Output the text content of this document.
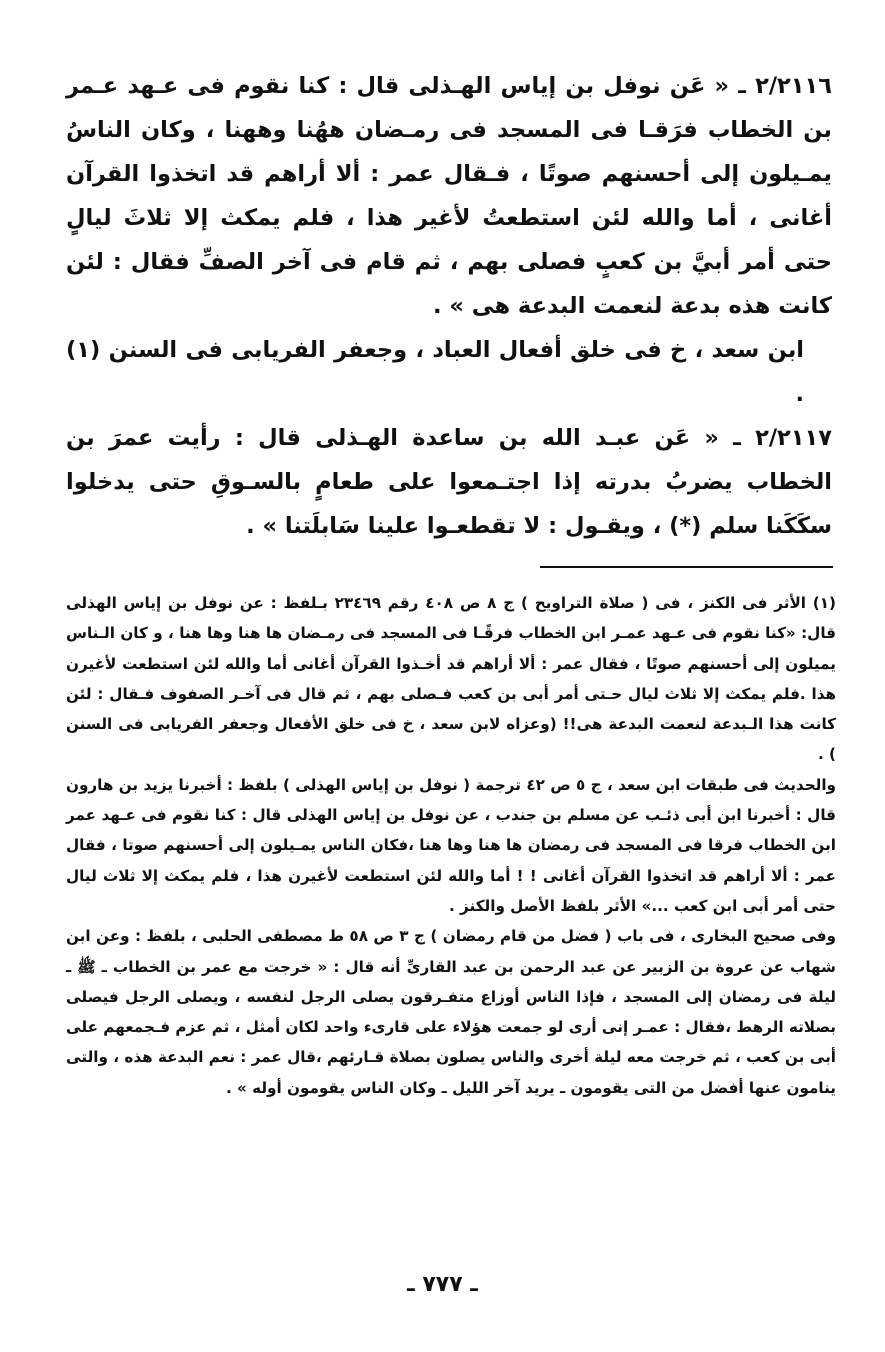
٢/٢١١٦ ـ « عَن نوفل بن إياس الهـذلى قال : كنا نقوم فى عـهد عـمر بن الخطاب فرَقـا فى المسجد فى رمـضان ههُنا وههنا ، وكان الناسُ يمـيلون إلى أحسنهم صوتًا ، فـقال عمر : ألا أراهم قد اتخذوا القرآن أغانى ، أما والله لئن استطعتُ لأغير هذا ، فلم يمكث إلا ثلاثَ ليالٍ حتى أمر أبيَّ بن كعبٍ فصلى بهم ، ثم قام فى آخر الصفِّ فقال : لئن كانت هذه بدعة لنعمت البدعة هى » .

ابن سعد ، خ فى خلق أفعال العباد ، وجعفر الفريابى فى السنن (١) .

٢/٢١١٧ ـ « عَن عبـد الله بن ساعدة الهـذلى قال : رأيت عمرَ بن الخطاب يضربُ بدرته إذا اجتـمعوا على طعامٍ بالسـوقِ حتى يدخلوا سكَكَنا سلم (*) ، ويقـول : لا تقطعـوا علينا سَابلَتنا » .

(١) الأثر فى الكنز ، فى ( صلاة التراويح ) ج ٨ ص ٤٠٨ رقم ٢٣٤٦٩ بـلفظ : عن نوفل بن إياس الهذلى قال: «كنا نقوم فى عـهد عمـر ابن الخطاب فرقًـا فى المسجد فى رمـضان ها هنا وها هنا ، و كان الـناس يميلون إلى أحسنهم صوتًا ، فقال عمر : ألا أراهم قد أخـذوا القرآن أغانى أما والله لئن استطعت لأغيرن هذا .فلم يمكث إلا ثلاث ليال حـتى أمر أبى بن كعب فـصلى بهم ، ثم قال فى آخـر الصفوف فـقال : لئن كانت هذا الـبدعة لنعمت البدعة هى!! (وعزاه لابن سعد ، خ فى خلق الأفعال وجعفر الفريابى فى السنن ) .

والحديث فى طبقات ابن سعد ، ج ٥ ص ٤٢ ترجمة ( نوفل بن إياس الهذلى ) بلفظ : أخبرنا يزيد بن هارون قال : أخبرنا ابن أبى ذئـب عن مسلم بن جندب ، عن نوفل بن إياس الهذلى قال : كنا نقوم فى عـهد عمر ابن الخطاب فرقا فى المسجد فى رمضان ها هنا وها هنا ،فكان الناس يمـيلون إلى أحسنهم صوتا ، فقال عمر : ألا أراهم قد اتخذوا القرآن أغانى ! ! أما والله لئن استطعت لأغيرن هذا ، فلم يمكث إلا ثلاث ليال حتى أمر أبى ابن كعب ...» الأثر بلفظ الأصل والكنز .

وفى صحيح البخارى ، فى باب ( فضل من قام رمضان ) ج ٣ ص ٥٨ ط مصطفى الحلبى ، بلفظ : وعن ابن شهاب عن عروة بن الزبير عن عبد الرحمن بن عبد القارىِّ أنه قال : « خرجت مع عمر بن الخطاب ـ ﷺ ـ ليلة فى رمضان إلى المسجد ، فإذا الناس أوزاع متفـرقون يصلى الرجل لنفسه ، ويصلى الرجل فيصلى بصلاته الرهط ،فقال : عمـر إنى أرى لو جمعت هؤلاء على قارىء واحد لكان أمثل ، ثم عزم فـجمعهم على أبى بن كعب ، ثم خرجت معه ليلة أخرى والناس يصلون بصلاة قـارئهم ،قال عمر : نعم البدعة هذه ، والتى ينامون عنها أفضل من التى يقومون ـ يريد آخر الليل ـ وكان الناس يقومون أوله » .

ـ ٧٧٧ ـ
